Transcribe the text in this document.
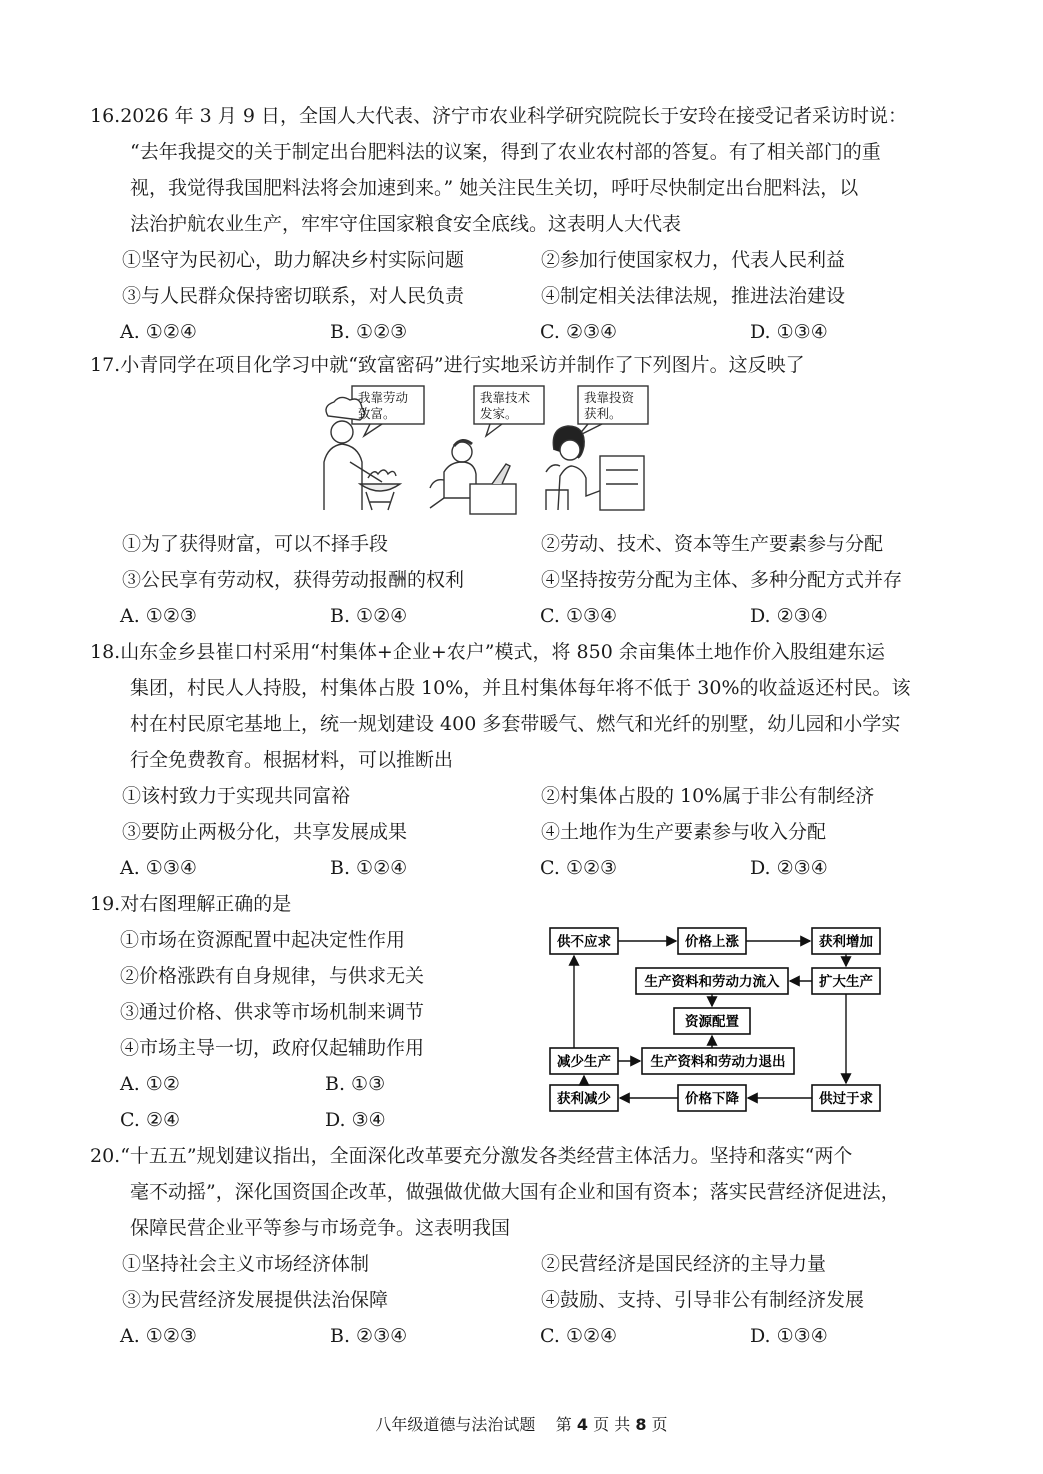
16.2026 年 3 月 9 日，全国人大代表、济宁市农业科学研究院院长于安玲在接受记者采访时说：
“去年我提交的关于制定出台肥料法的议案，得到了农业农村部的答复。有了相关部门的重
视，我觉得我国肥料法将会加速到来。” 她关注民生关切，呼吁尽快制定出台肥料法，以
法治护航农业生产，牢牢守住国家粮食安全底线。这表明人大代表
①坚守为民初心，助力解决乡村实际问题	②参加行使国家权力，代表人民利益
③与人民群众保持密切联系，对人民负责	④制定相关法律法规，推进法治建设
A. ①②④	B. ①②③	C. ②③④	D. ①③④
17.小青同学在项目化学习中就“致富密码”进行实地采访并制作了下列图片。这反映了
我靠劳动
致富。
我靠技术
发家。
我靠投资
获利。
①为了获得财富，可以不择手段	②劳动、技术、资本等生产要素参与分配
③公民享有劳动权，获得劳动报酬的权利	④坚持按劳分配为主体、多种分配方式并存
A. ①②③	B. ①②④	C. ①③④	D. ②③④
18.山东金乡县崔口村采用“村集体+企业+农户”模式，将 850 余亩集体土地作价入股组建东运
集团，村民人人持股，村集体占股 10%，并且村集体每年将不低于 30%的收益返还村民。该
村在村民原宅基地上，统一规划建设 400 多套带暖气、燃气和光纤的别墅，幼儿园和小学实
行全免费教育。根据材料，可以推断出
①该村致力于实现共同富裕	②村集体占股的 10%属于非公有制经济
③要防止两极分化，共享发展成果	④土地作为生产要素参与收入分配
A. ①③④	B. ①②④	C. ①②③	D. ②③④
19.对右图理解正确的是
①市场在资源配置中起决定性作用
②价格涨跌有自身规律，与供求无关
③通过价格、供求等市场机制来调节
④市场主导一切，政府仅起辅助作用
A. ①②	B. ①③
C. ②④	D. ③④
供不应求	价格上涨	获利增加
生产资料和劳动力流入	扩大生产
资源配置
减少生产	生产资料和劳动力退出
获利减少	价格下降	供过于求
20.“十五五”规划建议指出，全面深化改革要充分激发各类经营主体活力。坚持和落实“两个
毫不动摇”，深化国资国企改革，做强做优做大国有企业和国有资本；落实民营经济促进法，
保障民营企业平等参与市场竞争。这表明我国
①坚持社会主义市场经济体制	②民营经济是国民经济的主导力量
③为民营经济发展提供法治保障	④鼓励、支持、引导非公有制经济发展
A. ①②③	B. ②③④	C. ①②④	D. ①③④
八年级道德与法治试题 第 4 页 共 8 页
